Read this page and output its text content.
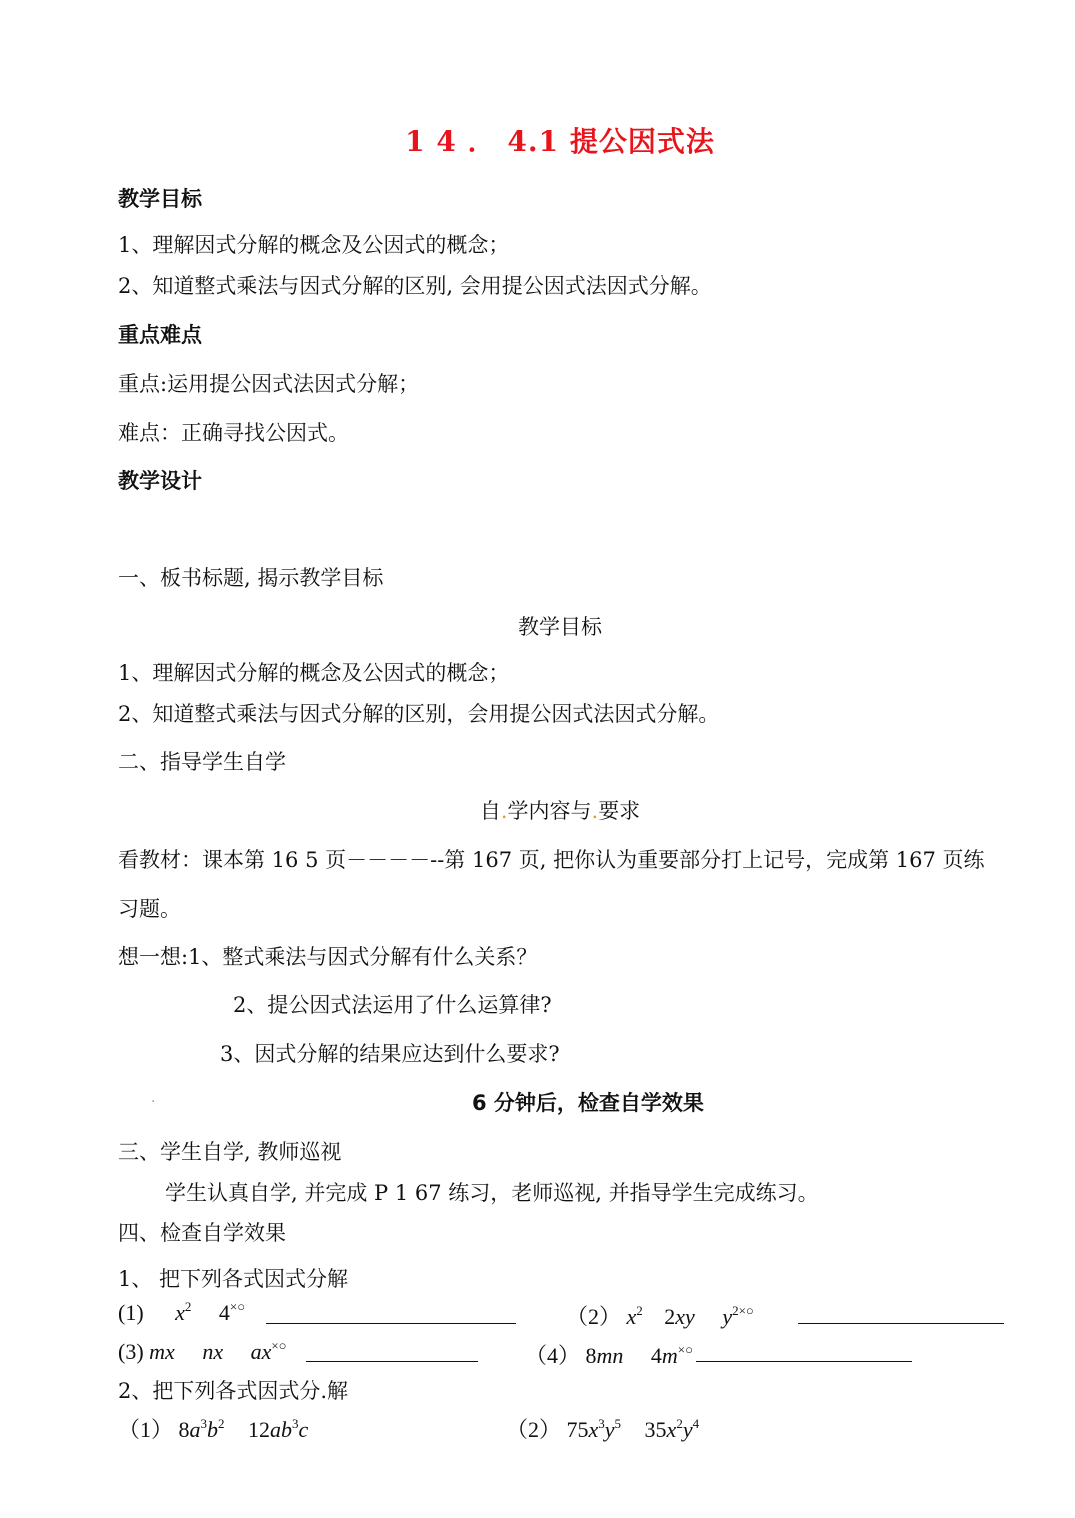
1 4 ． 4.1 提公因式法
教学目标
1、理解因式分解的概念及公因式的概念；
2、知道整式乘法与因式分解的区别, 会用提公因式法因式分解。
重点难点
重点:运用提公因式法因式分解；
难点：正确寻找公因式。
教学设计
一、板书标题, 揭示教学目标
教学目标
1、理解因式分解的概念及公因式的概念；
2、知道整式乘法与因式分解的区别，会用提公因式法因式分解。
二、指导学生自学
自.学内容与.要求
看教材：课本第 16 5 页－－－－--第 167 页, 把你认为重要部分打上记号，完成第 167 页练
习题。
想一想:1、整式乘法与因式分解有什么关系？
2、提公因式法运用了什么运算律?
3、因式分解的结果应达到什么要求?
.	6 分钟后，检查自学效果
三、学生自学, 教师巡视
学生认真自学, 并完成 P 1 67 练习，老师巡视, 并指导学生完成练习。
四、检查自学效果
1、 把下列各式因式分解
(1) $x^2$ 4×○	（2） $x^2$ 2xy $y^{2\times○}$
(3) mx nx ax×○	（4） 8mn 4m×○
2、把下列各式因式分.解
（1） $8a^3b^2$ $12ab^3c$	（2） $75x^3y^5$ $35x^2y^4$
